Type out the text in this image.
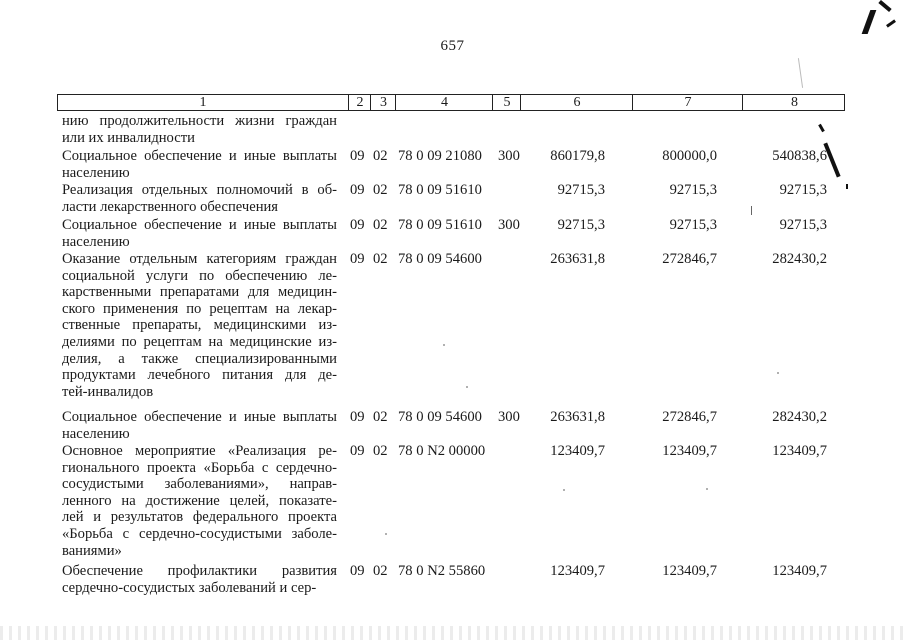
657
1	2	3	4	5	6	7	8
нию продолжительности жизни граждан
или их инвалидности
Социальное обеспечение и иные выплаты
населению
09 02 78 0 09 21080 300 860179,8	800000,0	540838,6
Реализация отдельных полномочий в об-
ласти лекарственного обеспечения
09 02 78 0 09 51610	92715,3	92715,3	92715,3
Социальное обеспечение и иные выплаты
населению
09 02 78 0 09 51610 300	92715,3	92715,3	92715,3
Оказание отдельным категориям граждан
социальной услуги по обеспечению ле-
карственными препаратами для медицин-
ского применения по рецептам на лекар-
ственные препараты, медицинскими из-
делиями по рецептам на медицинские из-
делия, а также специализированными
продуктами лечебного питания для де-
тей-инвалидов
09 02 78 0 09 54600	263631,8	272846,7	282430,2
Социальное обеспечение и иные выплаты
населению
09 02 78 0 09 54600 300 263631,8	272846,7	282430,2
Основное мероприятие «Реализация ре-
гионального проекта «Борьба с сердечно-
сосудистыми заболеваниями», направ-
ленного на достижение целей, показате-
лей и результатов федерального проекта
«Борьба с сердечно-сосудистыми заболе-
ваниями»
09 02 78 0 N2 00000	123409,7	123409,7	123409,7
Обеспечение профилактики развития
сердечно-сосудистых заболеваний и сер-
09 02 78 0 N2 55860	123409,7	123409,7	123409,7
